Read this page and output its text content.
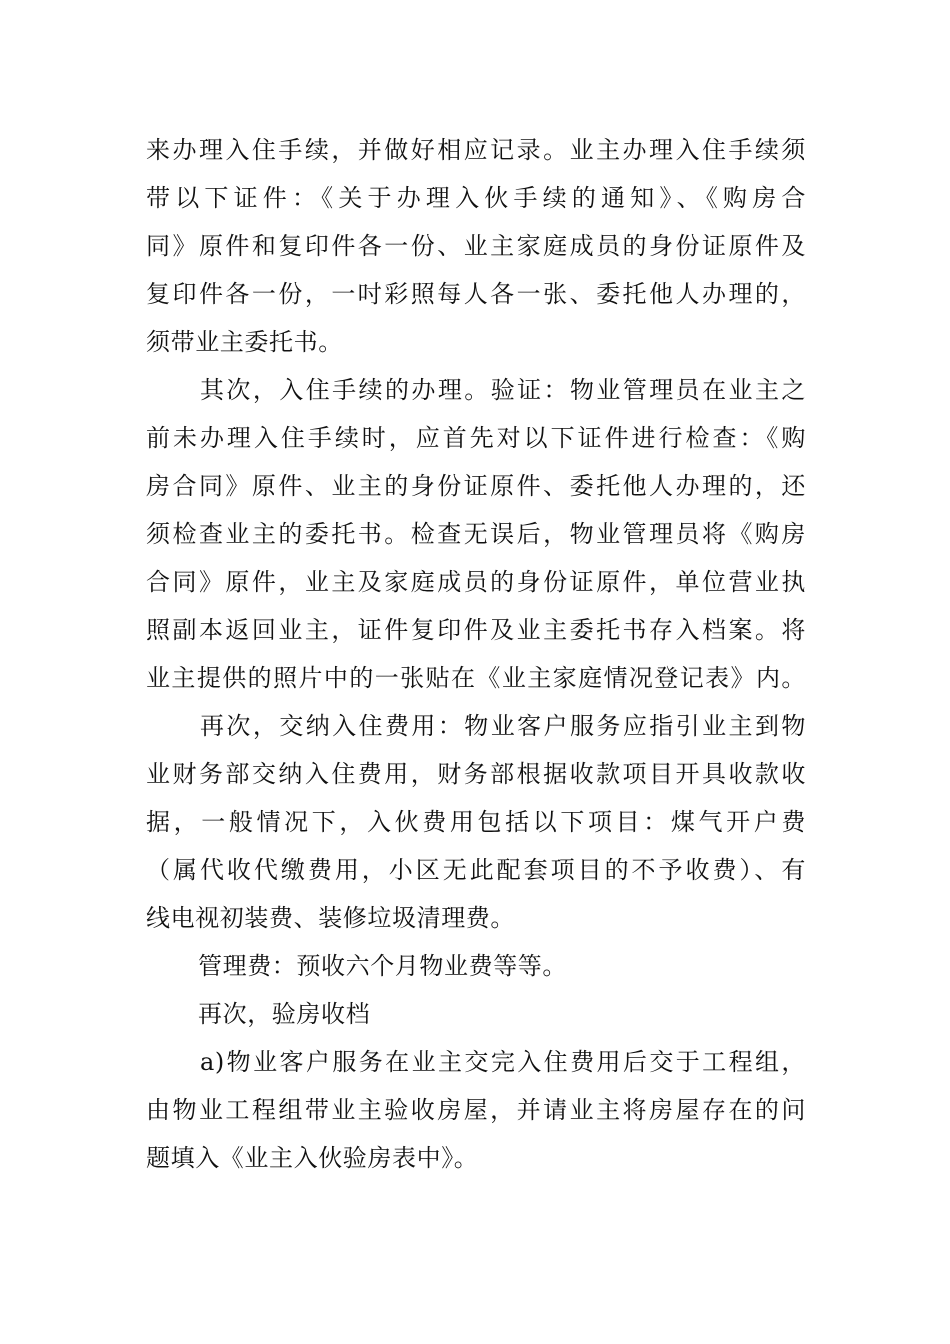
来办理入住手续，并做好相应记录。业主办理入住手续须
带以下证件：《关于办理入伙手续的通知》、《购房合
同》原件和复印件各一份、业主家庭成员的身份证原件及
复印件各一份，一吋彩照每人各一张、委托他人办理的，
须带业主委托书。
其次，入住手续的办理。验证：物业管理员在业主之
前未办理入住手续时，应首先对以下证件进行检查：《购
房合同》原件、业主的身份证原件、委托他人办理的，还
须检查业主的委托书。检查无误后，物业管理员将《购房
合同》原件，业主及家庭成员的身份证原件，单位营业执
照副本返回业主，证件复印件及业主委托书存入档案。将
业主提供的照片中的一张贴在《业主家庭情况登记表》内。
再次，交纳入住费用：物业客户服务应指引业主到物
业财务部交纳入住费用，财务部根据收款项目开具收款收
据，一般情况下，入伙费用包括以下项目：煤气开户费
（属代收代缴费用，小区无此配套项目的不予收费）、有
线电视初装费、装修垃圾清理费。
管理费：预收六个月物业费等等。
再次，验房收档
a)物业客户服务在业主交完入住费用后交于工程组，
由物业工程组带业主验收房屋，并请业主将房屋存在的问
题填入《业主入伙验房表中》。
